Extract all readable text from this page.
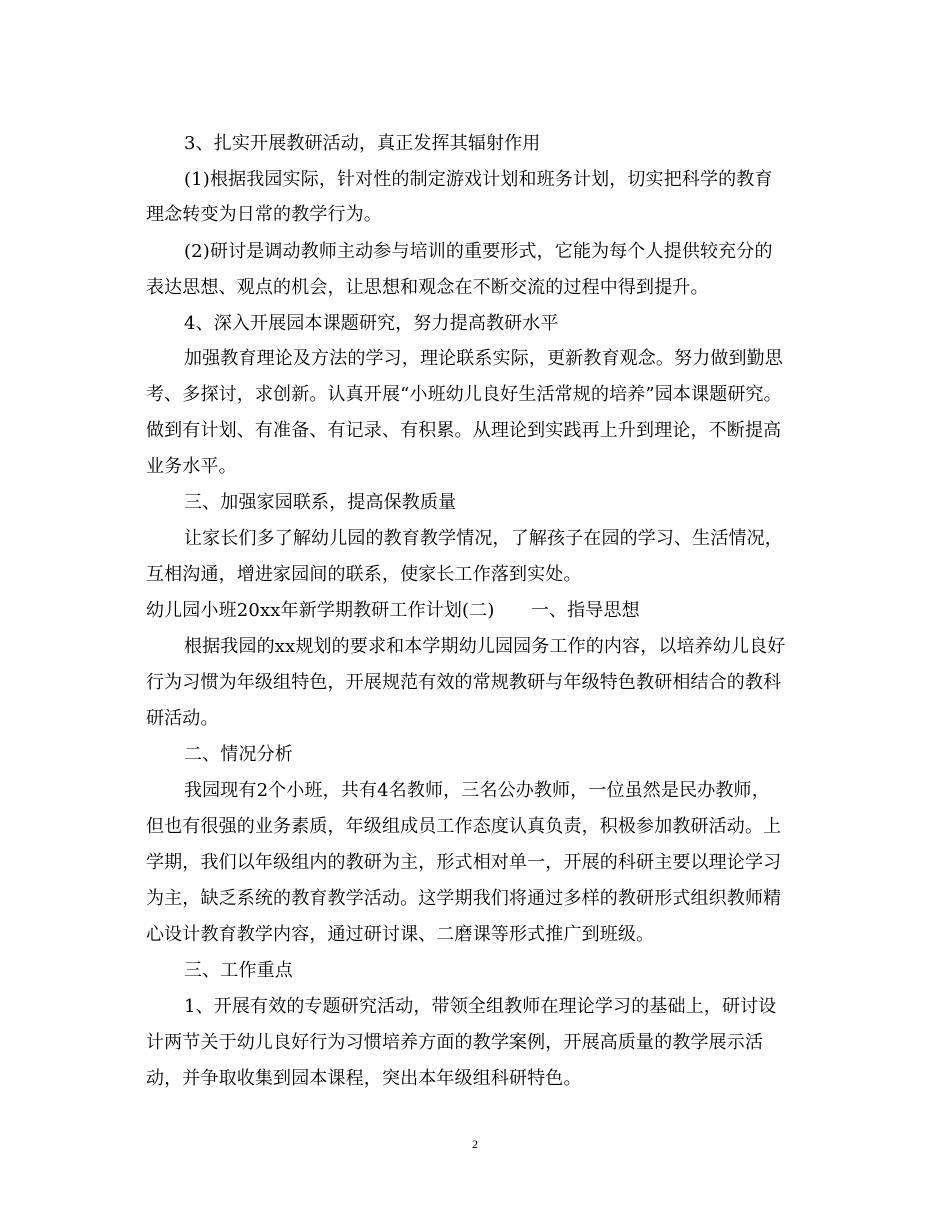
3、扎实开展教研活动，真正发挥其辐射作用
(1)根据我园实际，针对性的制定游戏计划和班务计划，切实把科学的教育
理念转变为日常的教学行为。
(2)研讨是调动教师主动参与培训的重要形式，它能为每个人提供较充分的
表达思想、观点的机会，让思想和观念在不断交流的过程中得到提升。
4、深入开展园本课题研究，努力提高教研水平
加强教育理论及方法的学习，理论联系实际，更新教育观念。努力做到勤思
考、多探讨，求创新。认真开展“小班幼儿良好生活常规的培养”园本课题研究。
做到有计划、有准备、有记录、有积累。从理论到实践再上升到理论，不断提高
业务水平。
三、加强家园联系，提高保教质量
让家长们多了解幼儿园的教育教学情况，了解孩子在园的学习、生活情况，
互相沟通，增进家园间的联系，使家长工作落到实处。
幼儿园小班20xx年新学期教研工作计划(二)　　一、指导思想
根据我园的xx规划的要求和本学期幼儿园园务工作的内容，以培养幼儿良好
行为习惯为年级组特色，开展规范有效的常规教研与年级特色教研相结合的教科
研活动。
二、情况分析
我园现有2个小班，共有4名教师，三名公办教师，一位虽然是民办教师，
但也有很强的业务素质，年级组成员工作态度认真负责，积极参加教研活动。上
学期，我们以年级组内的教研为主，形式相对单一，开展的科研主要以理论学习
为主，缺乏系统的教育教学活动。这学期我们将通过多样的教研形式组织教师精
心设计教育教学内容，通过研讨课、二磨课等形式推广到班级。
三、工作重点
1、开展有效的专题研究活动，带领全组教师在理论学习的基础上，研讨设
计两节关于幼儿良好行为习惯培养方面的教学案例，开展高质量的教学展示活
动，并争取收集到园本课程，突出本年级组科研特色。
2
